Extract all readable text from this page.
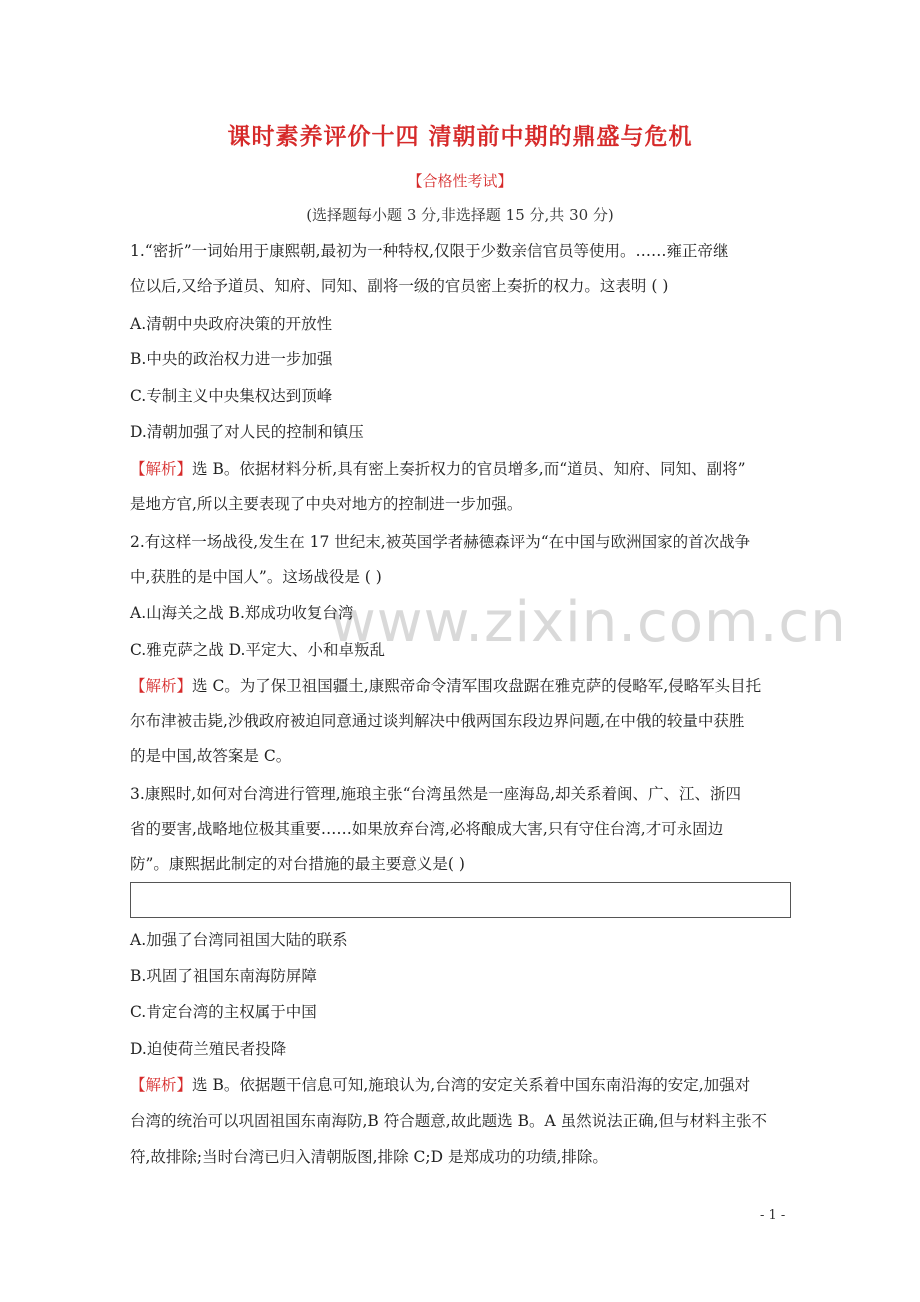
课时素养评价十四 清朝前中期的鼎盛与危机
【合格性考试】
(选择题每小题 3 分,非选择题 15 分,共 30 分)
www.zixin.com.cn
1.“密折”一词始用于康熙朝,最初为一种特权,仅限于少数亲信官员等使用。……雍正帝继
位以后,又给予道员、知府、同知、副将一级的官员密上奏折的权力。这表明 ( )
A.清朝中央政府决策的开放性
B.中央的政治权力进一步加强
C.专制主义中央集权达到顶峰
D.清朝加强了对人民的控制和镇压
【解析】选 B。依据材料分析,具有密上奏折权力的官员增多,而“道员、知府、同知、副将”
是地方官,所以主要表现了中央对地方的控制进一步加强。
2.有这样一场战役,发生在 17 世纪末,被英国学者赫德森评为“在中国与欧洲国家的首次战争
中,获胜的是中国人”。这场战役是 ( )
A.山海关之战 B.郑成功收复台湾
C.雅克萨之战 D.平定大、小和卓叛乱
【解析】选 C。为了保卫祖国疆土,康熙帝命令清军围攻盘踞在雅克萨的侵略军,侵略军头目托
尔布津被击毙,沙俄政府被迫同意通过谈判解决中俄两国东段边界问题,在中俄的较量中获胜
的是中国,故答案是 C。
3.康熙时,如何对台湾进行管理,施琅主张“台湾虽然是一座海岛,却关系着闽、广、江、浙四
省的要害,战略地位极其重要……如果放弃台湾,必将酿成大害,只有守住台湾,才可永固边
防”。康熙据此制定的对台措施的最主要意义是( )
A.加强了台湾同祖国大陆的联系
B.巩固了祖国东南海防屏障
C.肯定台湾的主权属于中国
D.迫使荷兰殖民者投降
【解析】选 B。依据题干信息可知,施琅认为,台湾的安定关系着中国东南沿海的安定,加强对
台湾的统治可以巩固祖国东南海防,B 符合题意,故此题选 B。A 虽然说法正确,但与材料主张不
符,故排除;当时台湾已归入清朝版图,排除 C;D 是郑成功的功绩,排除。
- 1 -
